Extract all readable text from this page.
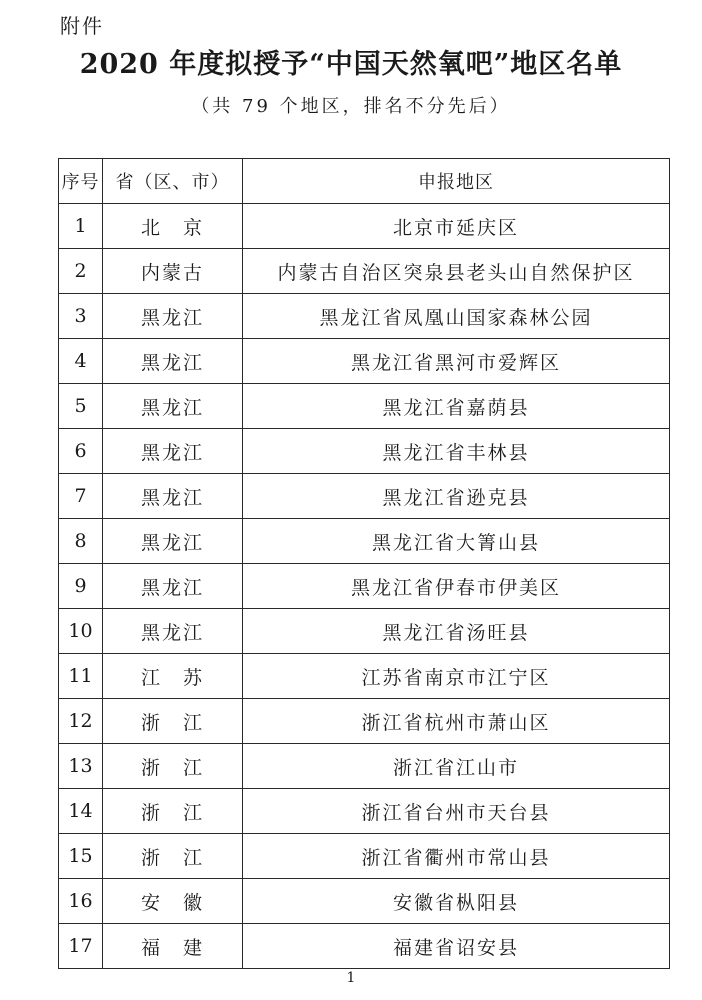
附件
2020 年度拟授予“中国天然氧吧”地区名单
（共 79 个地区，排名不分先后）
序号	省（区、市）	申报地区
1	北　京	北京市延庆区
2	内蒙古	内蒙古自治区突泉县老头山自然保护区
3	黑龙江	黑龙江省凤凰山国家森林公园
4	黑龙江	黑龙江省黑河市爱辉区
5	黑龙江	黑龙江省嘉荫县
6	黑龙江	黑龙江省丰林县
7	黑龙江	黑龙江省逊克县
8	黑龙江	黑龙江省大箐山县
9	黑龙江	黑龙江省伊春市伊美区
10	黑龙江	黑龙江省汤旺县
11	江　苏	江苏省南京市江宁区
12	浙　江	浙江省杭州市萧山区
13	浙　江	浙江省江山市
14	浙　江	浙江省台州市天台县
15	浙　江	浙江省衢州市常山县
16	安　徽	安徽省枞阳县
17	福　建	福建省诏安县
1
